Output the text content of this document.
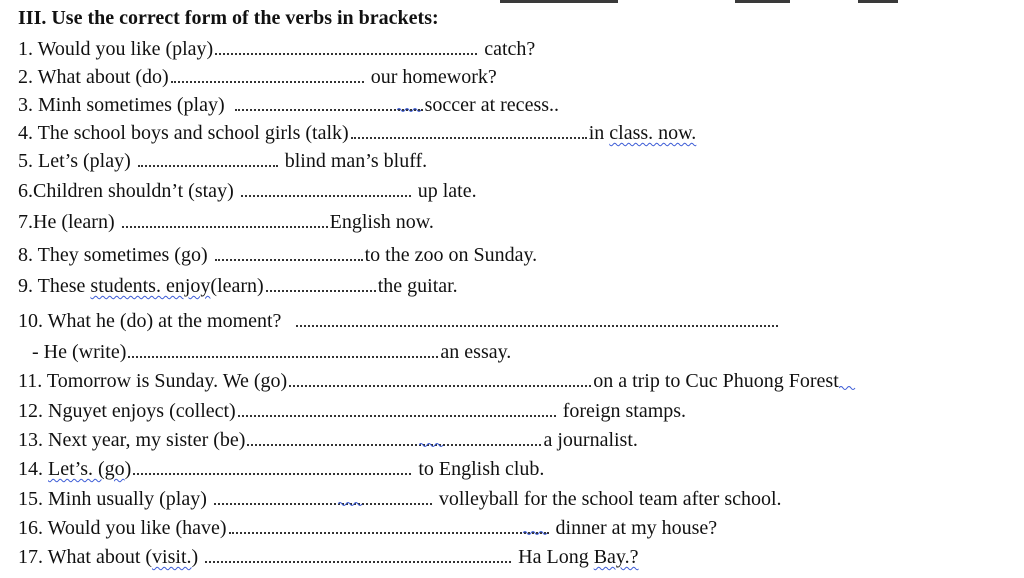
III. Use the correct form of the verbs in brackets:
1. Would you like (play)	catch?
2. What about (do)	our homework?
3. Minh sometimes (play)	soccer at recess..
4. The school boys and school girls (talk)	in class. now.
5. Let’s (play)	blind man’s bluff.
6.Children shouldn’t (stay)	up late.
7.He (learn)	English now.
8. They sometimes (go)	to the zoo on Sunday.
9. These students. enjoy(learn)	the guitar.
10. What he (do) at the moment?
- He (write)	an essay.
11. Tomorrow is Sunday. We (go)	on a trip to Cuc Phuong Forest
12. Nguyet enjoys (collect)	foreign stamps.
13. Next year, my sister (be)	a journalist.
14. Let’s. (go)	to English club.
15. Minh usually (play)	volleyball for the school team after school.
16. Would you like (have)	dinner at my house?
17. What about (visit.)	Ha Long Bay.?
